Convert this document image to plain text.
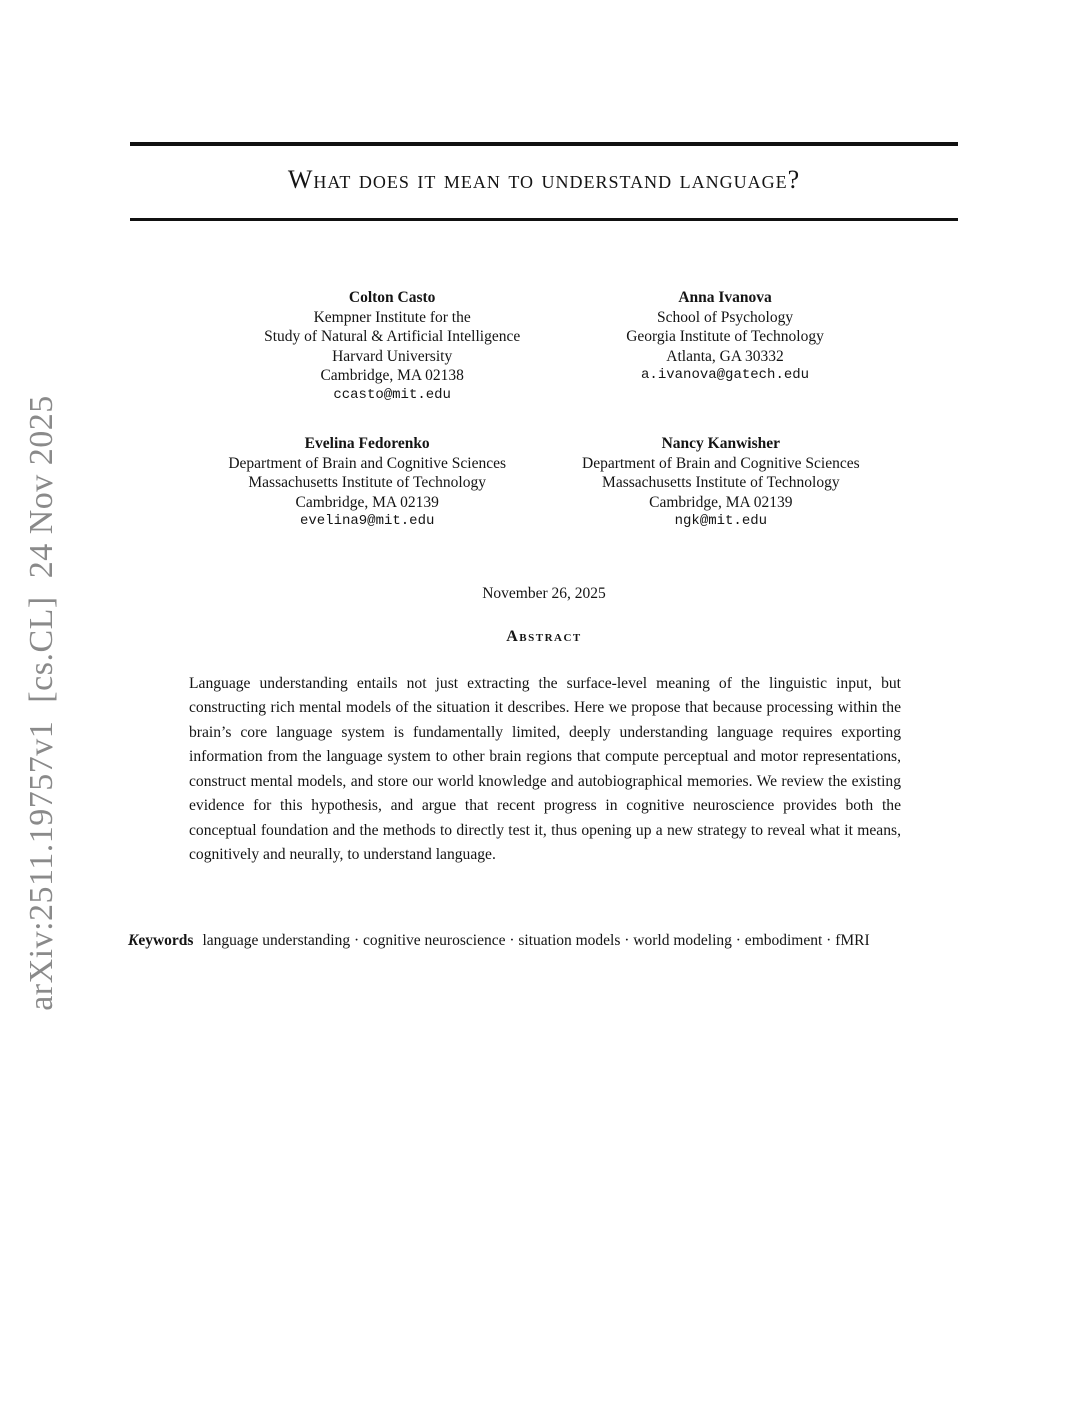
arXiv:2511.19757v1  [cs.CL]  24 Nov 2025
What does it mean to understand language?
Colton Casto
Kempner Institute for the
Study of Natural & Artificial Intelligence
Harvard University
Cambridge, MA 02138
ccasto@mit.edu
Anna Ivanova
School of Psychology
Georgia Institute of Technology
Atlanta, GA 30332
a.ivanova@gatech.edu
Evelina Fedorenko
Department of Brain and Cognitive Sciences
Massachusetts Institute of Technology
Cambridge, MA 02139
evelina9@mit.edu
Nancy Kanwisher
Department of Brain and Cognitive Sciences
Massachusetts Institute of Technology
Cambridge, MA 02139
ngk@mit.edu
November 26, 2025
Abstract
Language understanding entails not just extracting the surface-level meaning of the linguistic input, but constructing rich mental models of the situation it describes. Here we propose that because processing within the brain’s core language system is fundamentally limited, deeply understanding language requires exporting information from the language system to other brain regions that compute perceptual and motor representations, construct mental models, and store our world knowledge and autobiographical memories. We review the existing evidence for this hypothesis, and argue that recent progress in cognitive neuroscience provides both the conceptual foundation and the methods to directly test it, thus opening up a new strategy to reveal what it means, cognitively and neurally, to understand language.
Keywords language understanding · cognitive neuroscience · situation models · world modeling · embodiment · fMRI
